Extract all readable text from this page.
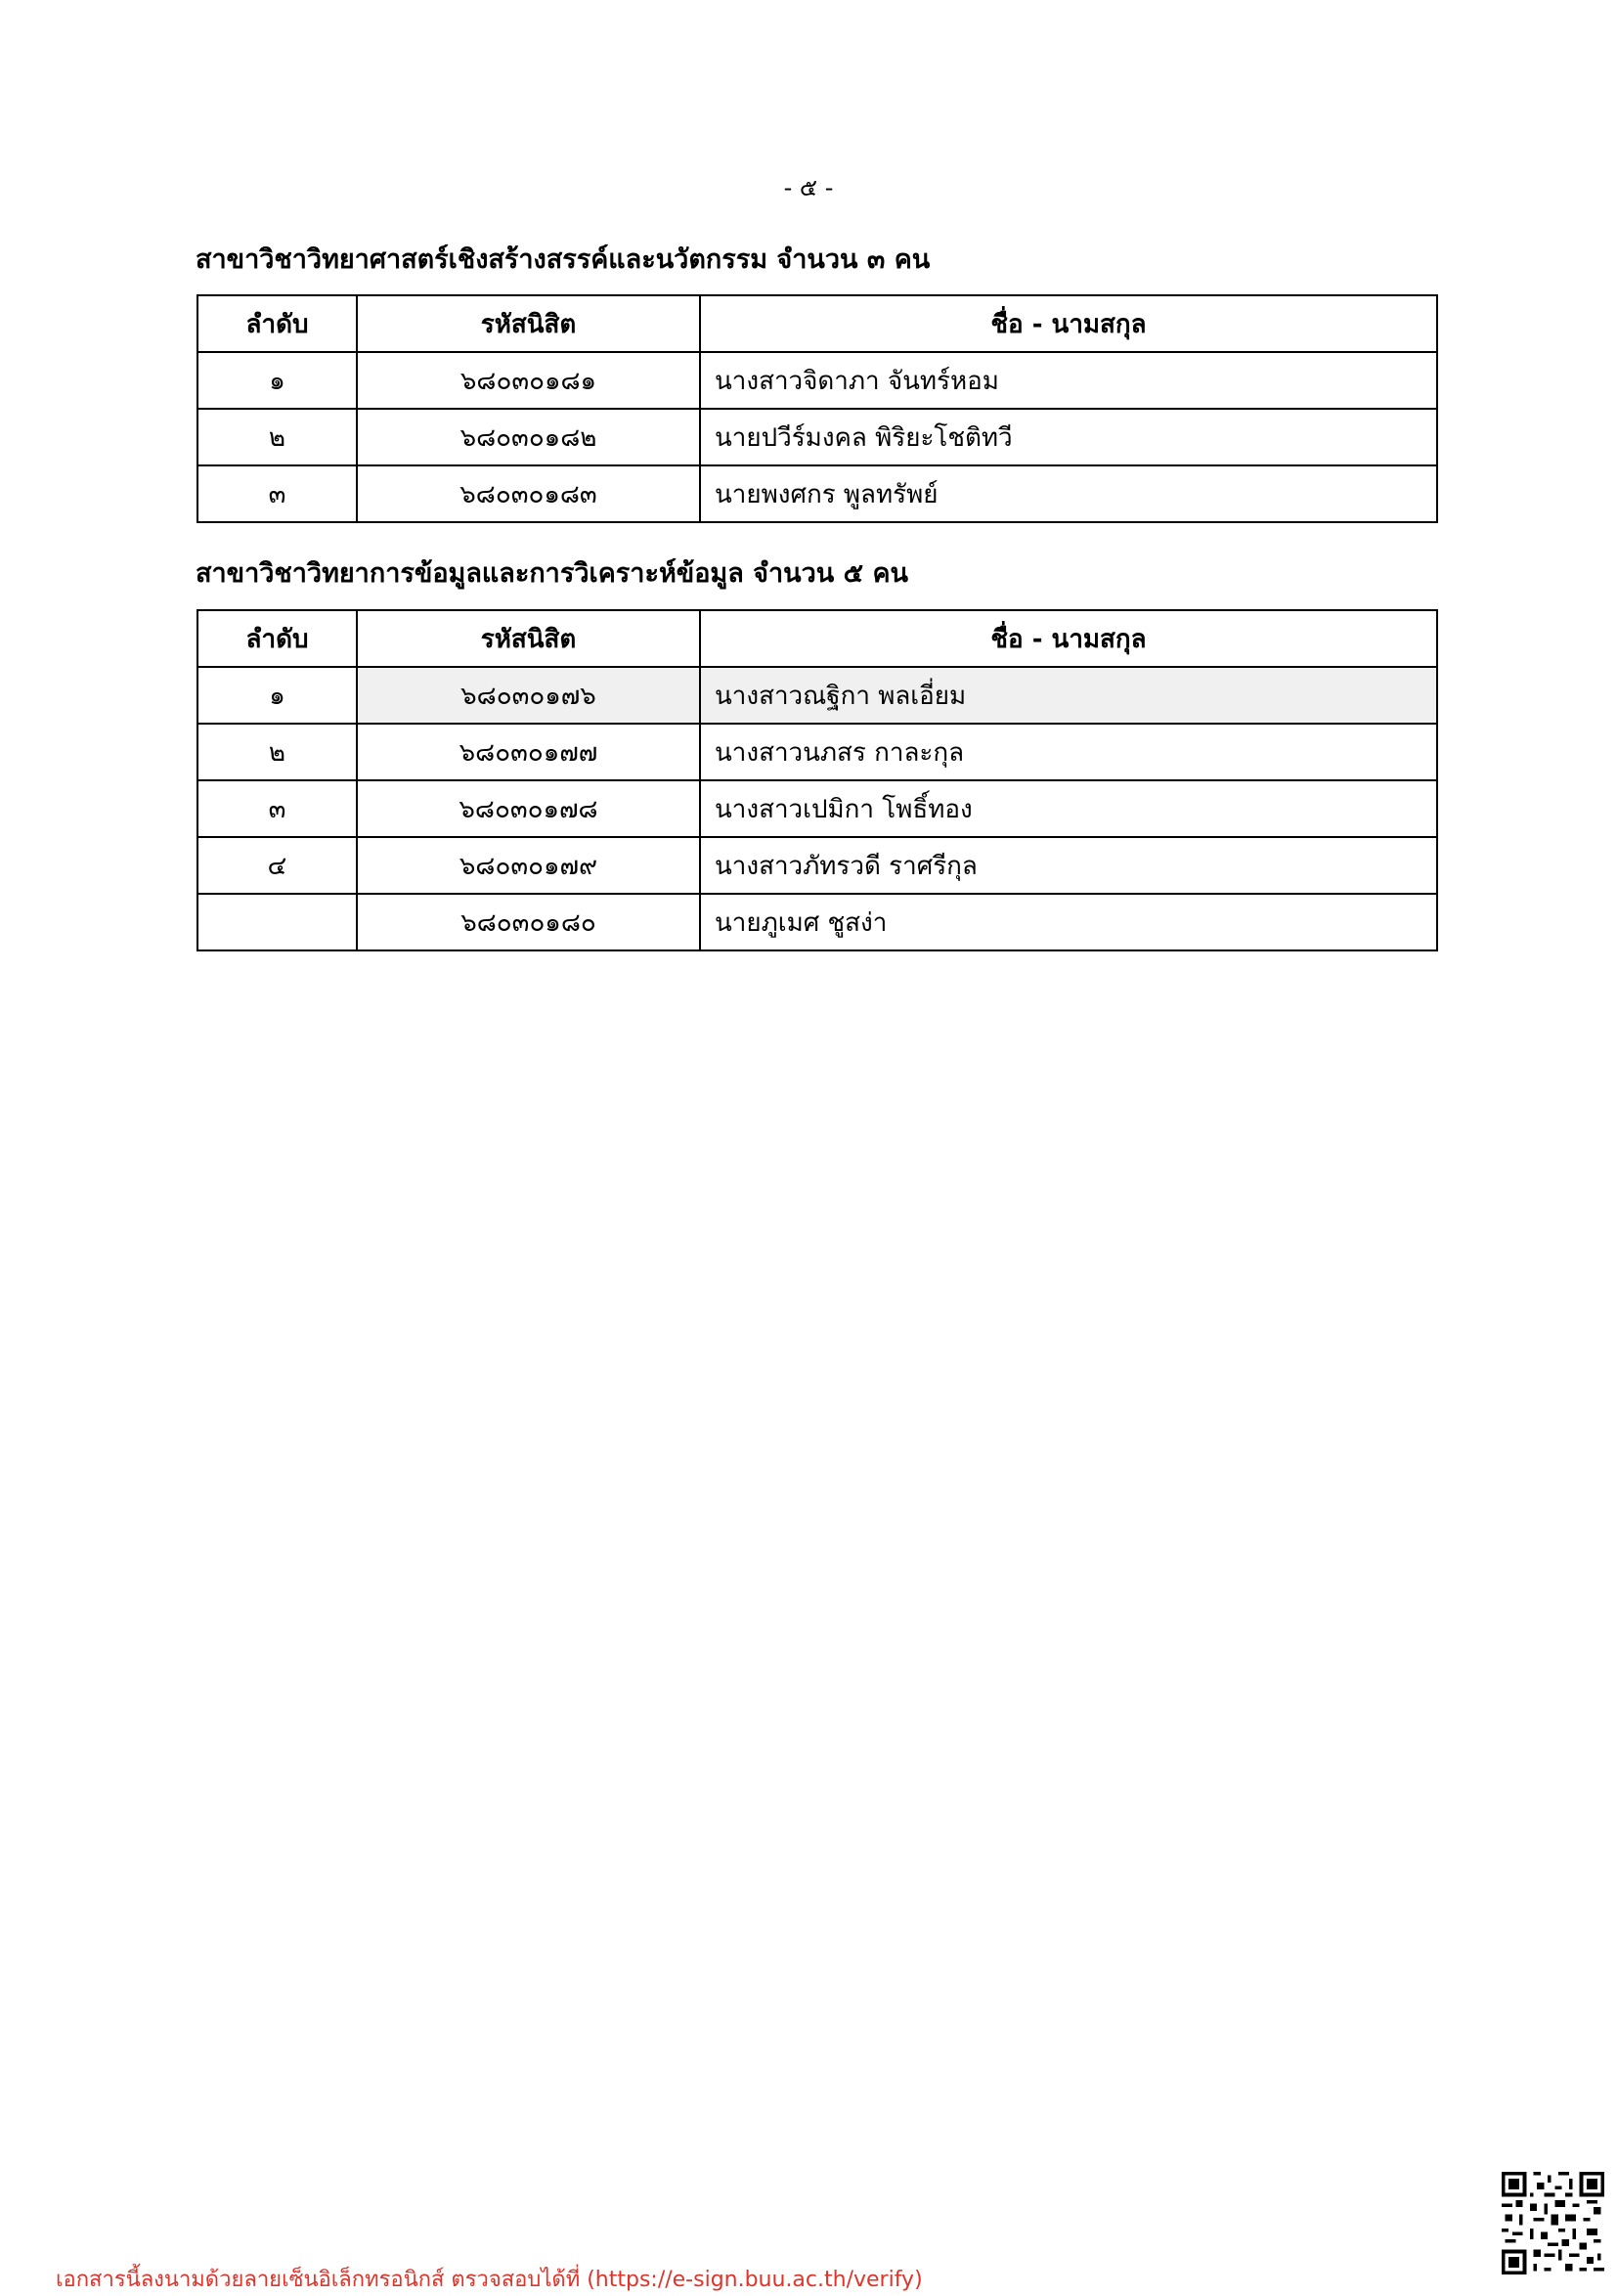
- ๕ -
สาขาวิชาวิทยาศาสตร์เชิงสร้างสรรค์และนวัตกรรม จำนวน ๓ คน
ลำดับ	รหัสนิสิต	ชื่อ - นามสกุล
๑	๖๘๐๓๐๑๘๑	นางสาวจิดาภา จันทร์หอม
๒	๖๘๐๓๐๑๘๒	นายปวีร์มงคล พิริยะโชติทวี
๓	๖๘๐๓๐๑๘๓	นายพงศกร พูลทรัพย์
สาขาวิชาวิทยาการข้อมูลและการวิเคราะห์ข้อมูล จำนวน ๕ คน
ลำดับ	รหัสนิสิต	ชื่อ - นามสกุล
๑	๖๘๐๓๐๑๗๖	นางสาวณฐิกา พลเอี่ยม
๒	๖๘๐๓๐๑๗๗	นางสาวนภสร กาละกุล
๓	๖๘๐๓๐๑๗๘	นางสาวเปมิกา โพธิ์ทอง
๔	๖๘๐๓๐๑๗๙	นางสาวภัทรวดี ราศรีกุล
	๖๘๐๓๐๑๘๐	นายภูเมศ ชูสง่า
เอกสารนี้ลงนามด้วยลายเซ็นอิเล็กทรอนิกส์ ตรวจสอบได้ที่ (https://e-sign.buu.ac.th/verify)
